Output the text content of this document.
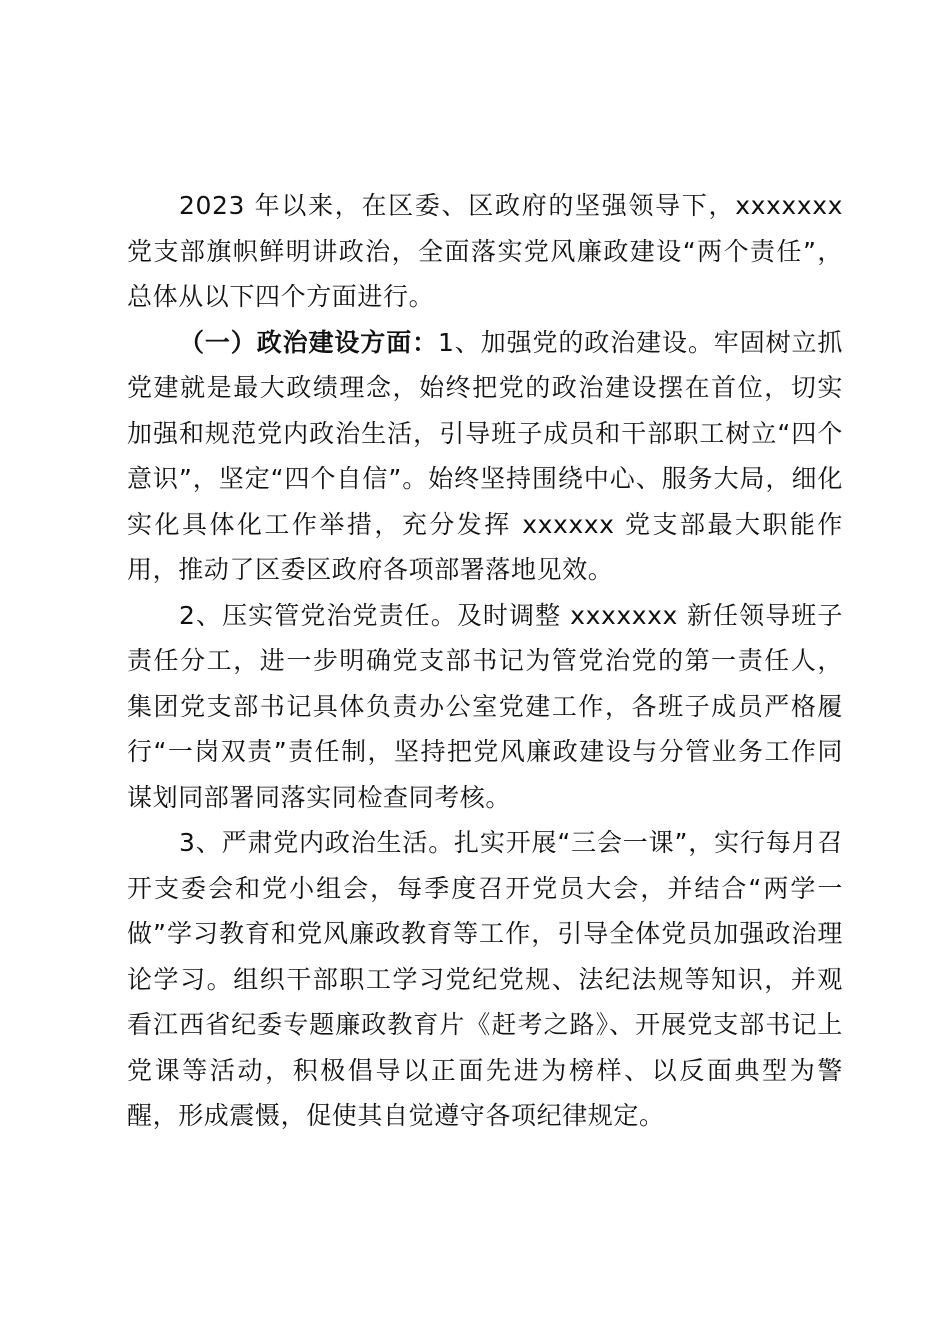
2023 年以来，在区委、区政府的坚强领导下，xxxxxxx 党支部旗帜鲜明讲政治，全面落实党风廉政建设“两个责任”，总体从以下四个方面进行。

（一）政治建设方面：1、加强党的政治建设。牢固树立抓党建就是最大政绩理念，始终把党的政治建设摆在首位，切实加强和规范党内政治生活，引导班子成员和干部职工树立“四个意识”，坚定“四个自信”。始终坚持围绕中心、服务大局，细化实化具体化工作举措，充分发挥 xxxxxx 党支部最大职能作用，推动了区委区政府各项部署落地见效。

2、压实管党治党责任。及时调整 xxxxxxx 新任领导班子责任分工，进一步明确党支部书记为管党治党的第一责任人，集团党支部书记具体负责办公室党建工作，各班子成员严格履行“一岗双责”责任制，坚持把党风廉政建设与分管业务工作同谋划同部署同落实同检查同考核。

3、严肃党内政治生活。扎实开展“三会一课”，实行每月召开支委会和党小组会，每季度召开党员大会，并结合“两学一做”学习教育和党风廉政教育等工作，引导全体党员加强政治理论学习。组织干部职工学习党纪党规、法纪法规等知识，并观看江西省纪委专题廉政教育片《赶考之路》、开展党支部书记上党课等活动，积极倡导以正面先进为榜样、以反面典型为警醒，形成震慑，促使其自觉遵守各项纪律规定。
